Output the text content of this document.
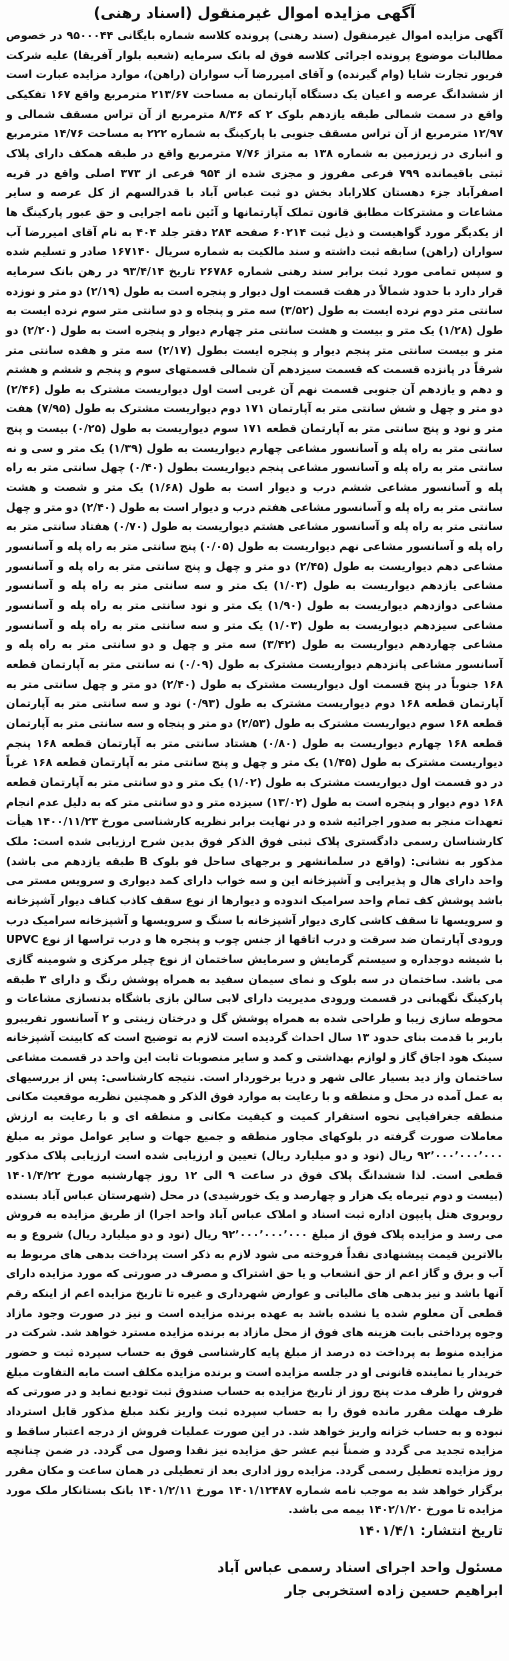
آگهی مزایده اموال غیرمنقول (اسناد رهنی)

آگهی مزایده اموال غیرمنقول (سند رهنی) پرونده کلاسه شماره بایگانی ۹۵۰۰۰۴۴ در خصوص مطالبات موضوع پرونده اجرائی کلاسه فوق له بانک سرمایه (شعبه بلوار آفریقا) علیه شرکت فریور تجارت شایا (وام گیرنده) و آقای امیررضا آب سواران (راهن)، موارد مزایده عبارت است از ششدانگ عرصه و اعیان یک دستگاه آپارتمان به مساحت ۲۱۳/۶۷ مترمربع واقع ۱۶۷ تفکیکی واقع در سمت شمالی طبقه یازدهم بلوک ۲ که ۸/۳۶ مترمربع از آن تراس مسقف شمالی و ۱۲/۹۷ مترمربع از آن تراس مسقف جنوبی با پارکینگ به شماره ۲۲۲ به مساحت ۱۴/۷۶ مترمربع و انباری در زیرزمین به شماره ۱۳۸ به متراژ ۷/۷۶ مترمربع واقع در طبقه همکف دارای پلاک ثبتی باقیمانده ۷۹۹ فرعی مفروز و مجزی شده از ۹۵۴ فرعی از ۳۷۳ اصلی واقع در قریه اصفرآباد جزء دهستان کلاراباد بخش دو ثبت عباس آباد با قدرالسهم از کل عرصه و سایر مشاعات و مشترکات مطابق قانون تملک آپارتمانها و آئین نامه اجرایی و حق عبور پارکینگ ها از یکدیگر مورد گواهیست و ذیل ثبت ۶۰۲۱۴ صفحه ۲۸۴ دفتر جلد ۴۰۴ به نام آقای امیررضا آب سواران (راهن) سابقه ثبت داشته و سند مالکیت به شماره سریال ۱۶۷۱۴۰ صادر و تسلیم شده و سپس تمامی مورد ثبت برابر سند رهنی شماره ۲۶۷۸۶ تاریخ ۹۳/۴/۱۴ در رهن بانک سرمایه قرار دارد با حدود شمالاً در هفت قسمت اول دیوار و پنجره است به طول (۲/۱۹) دو متر و نوزده سانتی متر دوم نرده ایست به طول (۳/۵۲) سه متر و پنجاه و دو سانتی متر سوم نرده ایست به طول (۱/۲۸) یک متر و بیست و هشت سانتی متر چهارم دیوار و پنجره است به طول (۲/۲۰) دو متر و بیست سانتی متر پنجم دیوار و پنجره ایست بطول (۲/۱۷) سه متر و هفده سانتی متر شرقاً در پانزده قسمت که قسمت سیزدهم آن شمالی قسمتهای سوم و پنجم و ششم و هشتم و دهم و یازدهم آن جنوبی قسمت نهم آن غربی است اول دیواریست مشترک به طول (۲/۴۶) دو متر و چهل و شش سانتی متر به آپارتمان ۱۷۱ دوم دیواریست مشترک به طول (۷/۹۵) هفت متر و نود و پنج سانتی متر به آپارتمان قطعه ۱۷۱ سوم دیواریست به طول (۰/۲۵) بیست و پنج سانتی متر به راه پله و آسانسور مشاعی چهارم دیواریست به طول (۱/۳۹) یک متر و سی و نه سانتی متر به راه پله و آسانسور مشاعی پنجم دیواریست بطول (۰/۴۰) چهل سانتی متر به راه پله و آسانسور مشاعی ششم درب و دیوار است به طول (۱/۶۸) یک متر و شصت و هشت سانتی متر به راه پله و آسانسور مشاعی هفتم درب و دیوار است به طول (۲/۴۰) دو متر و چهل سانتی متر به راه پله و آسانسور مشاعی هشتم دیواریست به طول (۰/۷۰) هفتاد سانتی متر به راه پله و آسانسور مشاعی نهم دیواریست به طول (۰/۰۵) پنج سانتی متر به راه پله و آسانسور مشاعی دهم دیواریست به طول (۲/۴۵) دو متر و چهل و پنج سانتی متر به راه پله و آسانسور مشاعی یازدهم دیواریست به طول (۱/۰۳) یک متر و سه سانتی متر به راه پله و آسانسور مشاعی دوازدهم دیواریست به طول (۱/۹۰) یک متر و نود سانتی متر به راه پله و آسانسور مشاعی سیزدهم دیواریست به طول (۱/۰۳) یک متر و سه سانتی متر به راه پله و آسانسور مشاعی چهاردهم دیواریست به طول (۳/۴۲) سه متر و چهل و دو سانتی متر به راه پله و آسانسور مشاعی پانزدهم دیواریست مشترک به طول (۰/۰۹) نه سانتی متر به آپارتمان قطعه ۱۶۸ جنوباً در پنج قسمت اول دیواریست مشترک به طول (۲/۴۰) دو متر و چهل سانتی متر به آپارتمان قطعه ۱۶۸ دوم دیواریست مشترک به طول (۰/۹۳) نود و سه سانتی متر به آپارتمان قطعه ۱۶۸ سوم دیواریست مشترک به طول (۲/۵۳) دو متر و پنجاه و سه سانتی متر به آپارتمان قطعه ۱۶۸ چهارم دیواریست به طول (۰/۸۰) هشتاد سانتی متر به آپارتمان قطعه ۱۶۸ پنجم دیواریست مشترک به طول (۱/۴۵) یک متر و چهل و پنج سانتی متر به آپارتمان قطعه ۱۶۸ غرباً در دو قسمت اول دیواریست مشترک به طول (۱/۰۲) یک متر و دو سانتی متر به آپارتمان قطعه ۱۶۸ دوم دیوار و پنجره است به طول (۱۳/۰۲) سیزده متر و دو سانتی متر که به دلیل عدم انجام تعهدات منجر به صدور اجرائیه شده و در نهایت برابر نظریه کارشناسی مورخ ۱۴۰۰/۱۱/۲۳ هیأت کارشناسان رسمی دادگستری پلاک ثبتی فوق الذکر فوق بدین شرح ارزیابی شده است: ملک مذکور به نشانی: (واقع در سلمانشهر و برجهای ساحل فو بلوک B طبقه یازدهم می باشد) واحد دارای هال و پذیرایی و آشپزخانه این و سه خواب دارای کمد دیواری و سرویس مستر می باشد پوشش کف تمام واحد سرامیک اندوده و دیوارها از نوع سقف کاذب کناف دیوار آشپزخانه و سرویسها تا سقف کاشی کاری دیوار آشپزخانه با سنگ و سرویسها و آشپزخانه سرامیک درب ورودی آپارتمان ضد سرقت و درب اتاقها از جنس چوب و پنجره ها و درب تراسها از نوع UPVC با شیشه دوجداره و سیستم گرمایش و سرمایش ساختمان از نوع چیلر مرکزی و شومینه گازی می باشد. ساختمان در سه بلوک و نمای سیمان سفید به همراه پوشش رنگ و دارای ۳ طبقه پارکینگ نگهبانی در قسمت ورودی مدیریت دارای لابی سالن بازی باشگاه بدنسازی مشاعات و محوطه سازی زیبا و طراحی شده به همراه پوشش گل و درختان زینتی و ۲ آسانسور تفریبرو باربر با قدمت بنای حدود ۱۳ سال احداث گردیده است لازم به توضیح است که کابینت آشپزخانه سینک هود اجاق گاز و لوازم بهداشتی و کمد و سایر منصوبات ثابت این واحد در قسمت مشاعی ساختمان واز دید بسیار عالی شهر و دریا برخوردار است. نتیجه کارشناسی: پس از بررسیهای به عمل آمده در محل و منطقه و با رعایت به موارد فوق الذکر و همچنین نظریه موقعیت مکانی منطقه جغرافیایی نحوه استقرار کمیت و کیفیت مکانی و منطقه ای و با رعایت به ارزش معاملات صورت گرفته در بلوکهای مجاور منطقه و جمیع جهات و سایر عوامل موثر به مبلغ ۹۲٬۰۰۰٬۰۰۰٬۰۰۰ ریال (نود و دو میلیارد ریال) تعیین و ارزیابی شده است ارزیابی پلاک مذکور قطعی است. لذا ششدانگ پلاک فوق در ساعت ۹ الی ۱۲ روز چهارشنبه مورخ ۱۴۰۱/۴/۲۲ (بیست و دوم تیرماه یک هزار و چهارصد و یک خورشیدی) در محل (شهرستان عباس آباد بسنده روبروی هتل پایپون اداره ثبت اسناد و املاک عباس آباد واحد اجرا) از طریق مزایده به فروش می رسد و مزایده پلاک فوق از مبلغ ۹۲٬۰۰۰٬۰۰۰٬۰۰۰ ریال (نود و دو میلیارد ریال) شروع و به بالاترین قیمت پیشنهادی نقداً فروخته می شود لازم به ذکر است پرداخت بدهی های مربوط به آب و برق و گاز اعم از حق انشعاب و یا حق اشتراک و مصرف در صورتی که مورد مزایده دارای آنها باشد و نیز بدهی های مالیاتی و عوارض شهرداری و غیره تا تاریخ مزایده اعم از اینکه رقم قطعی آن معلوم شده یا نشده باشد به عهده برنده مزایده است و نیز در صورت وجود مازاد وجوه پرداختی بابت هزینه های فوق از محل مازاد به برنده مزایده مسترد خواهد شد. شرکت در مزایده منوط به پرداخت ده درصد از مبلغ پایه کارشناسی فوق به حساب سپرده ثبت و حضور خریدار یا نماینده قانونی او در جلسه مزایده است و برنده مزایده مکلف است مابه التفاوت مبلغ فروش را ظرف مدت پنج روز از تاریخ مزایده به حساب صندوق ثبت تودیع نماید و در صورتی که ظرف مهلت مقرر مانده فوق را به حساب سپرده ثبت واریز نکند مبلغ مذکور قابل استرداد نبوده و به حساب خزانه واریز خواهد شد. در این صورت عملیات فروش از درجه اعتبار ساقط و مزایده تجدید می گردد و ضمناً نیم عشر حق مزایده نیز نقدا وصول می گردد. در ضمن چنانچه روز مزایده تعطیل رسمی گردد. مزایده روز اداری بعد از تعطیلی در همان ساعت و مکان مقرر برگزار خواهد شد به موجب نامه شماره ۱۴۰۱/۱۲۴۸۷ مورخ ۱۴۰۱/۲/۱۱ بانک بستانکار ملک مورد مزایده تا مورخ ۱۴۰۲/۱/۲۰ بیمه می باشد.

تاریخ انتشار: ۱۴۰۱/۴/۱
مسئول واحد اجرای اسناد رسمی عباس آباد
ابراهیم حسین زاده استخربی جار
